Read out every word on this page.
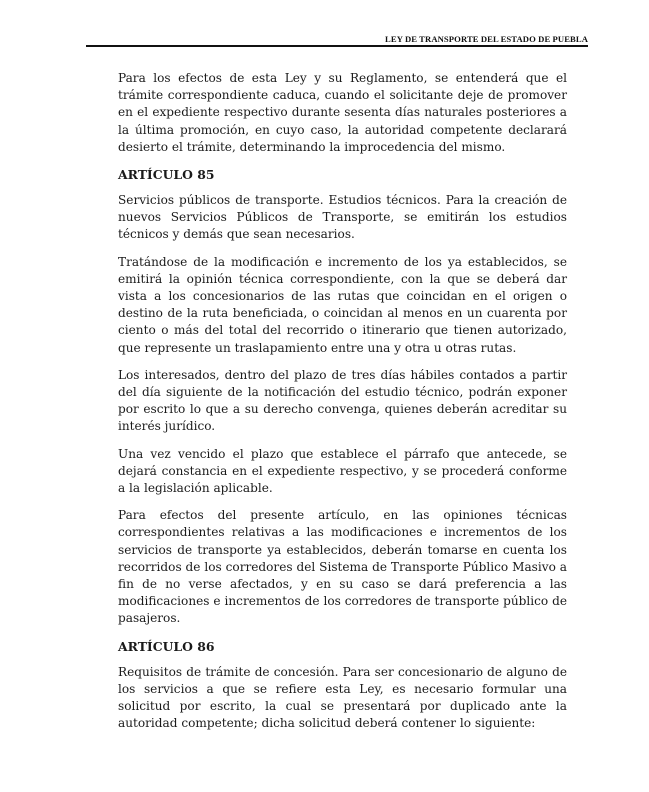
LEY DE TRANSPORTE DEL ESTADO DE PUEBLA

Para los efectos de esta Ley y su Reglamento, se entenderá que el trámite correspondiente caduca, cuando el solicitante deje de promover en el expediente respectivo durante sesenta días naturales posteriores a la última promoción, en cuyo caso, la autoridad competente declarará desierto el trámite, determinando la improcedencia del mismo.

ARTÍCULO 85

Servicios públicos de transporte. Estudios técnicos. Para la creación de nuevos Servicios Públicos de Transporte, se emitirán los estudios técnicos y demás que sean necesarios.

Tratándose de la modificación e incremento de los ya establecidos, se emitirá la opinión técnica correspondiente, con la que se deberá dar vista a los concesionarios de las rutas que coincidan en el origen o destino de la ruta beneficiada, o coincidan al menos en un cuarenta por ciento o más del total del recorrido o itinerario que tienen autorizado, que represente un traslapamiento entre una y otra u otras rutas.

Los interesados, dentro del plazo de tres días hábiles contados a partir del día siguiente de la notificación del estudio técnico, podrán exponer por escrito lo que a su derecho convenga, quienes deberán acreditar su interés jurídico.

Una vez vencido el plazo que establece el párrafo que antecede, se dejará constancia en el expediente respectivo, y se procederá conforme a la legislación aplicable.

Para efectos del presente artículo, en las opiniones técnicas correspondientes relativas a las modificaciones e incrementos de los servicios de transporte ya establecidos, deberán tomarse en cuenta los recorridos de los corredores del Sistema de Transporte Público Masivo a fin de no verse afectados, y en su caso se dará preferencia a las modificaciones e incrementos de los corredores de transporte público de pasajeros.

ARTÍCULO 86

Requisitos de trámite de concesión. Para ser concesionario de alguno de los servicios a que se refiere esta Ley, es necesario formular una solicitud por escrito, la cual se presentará por duplicado ante la autoridad competente; dicha solicitud deberá contener lo siguiente:
